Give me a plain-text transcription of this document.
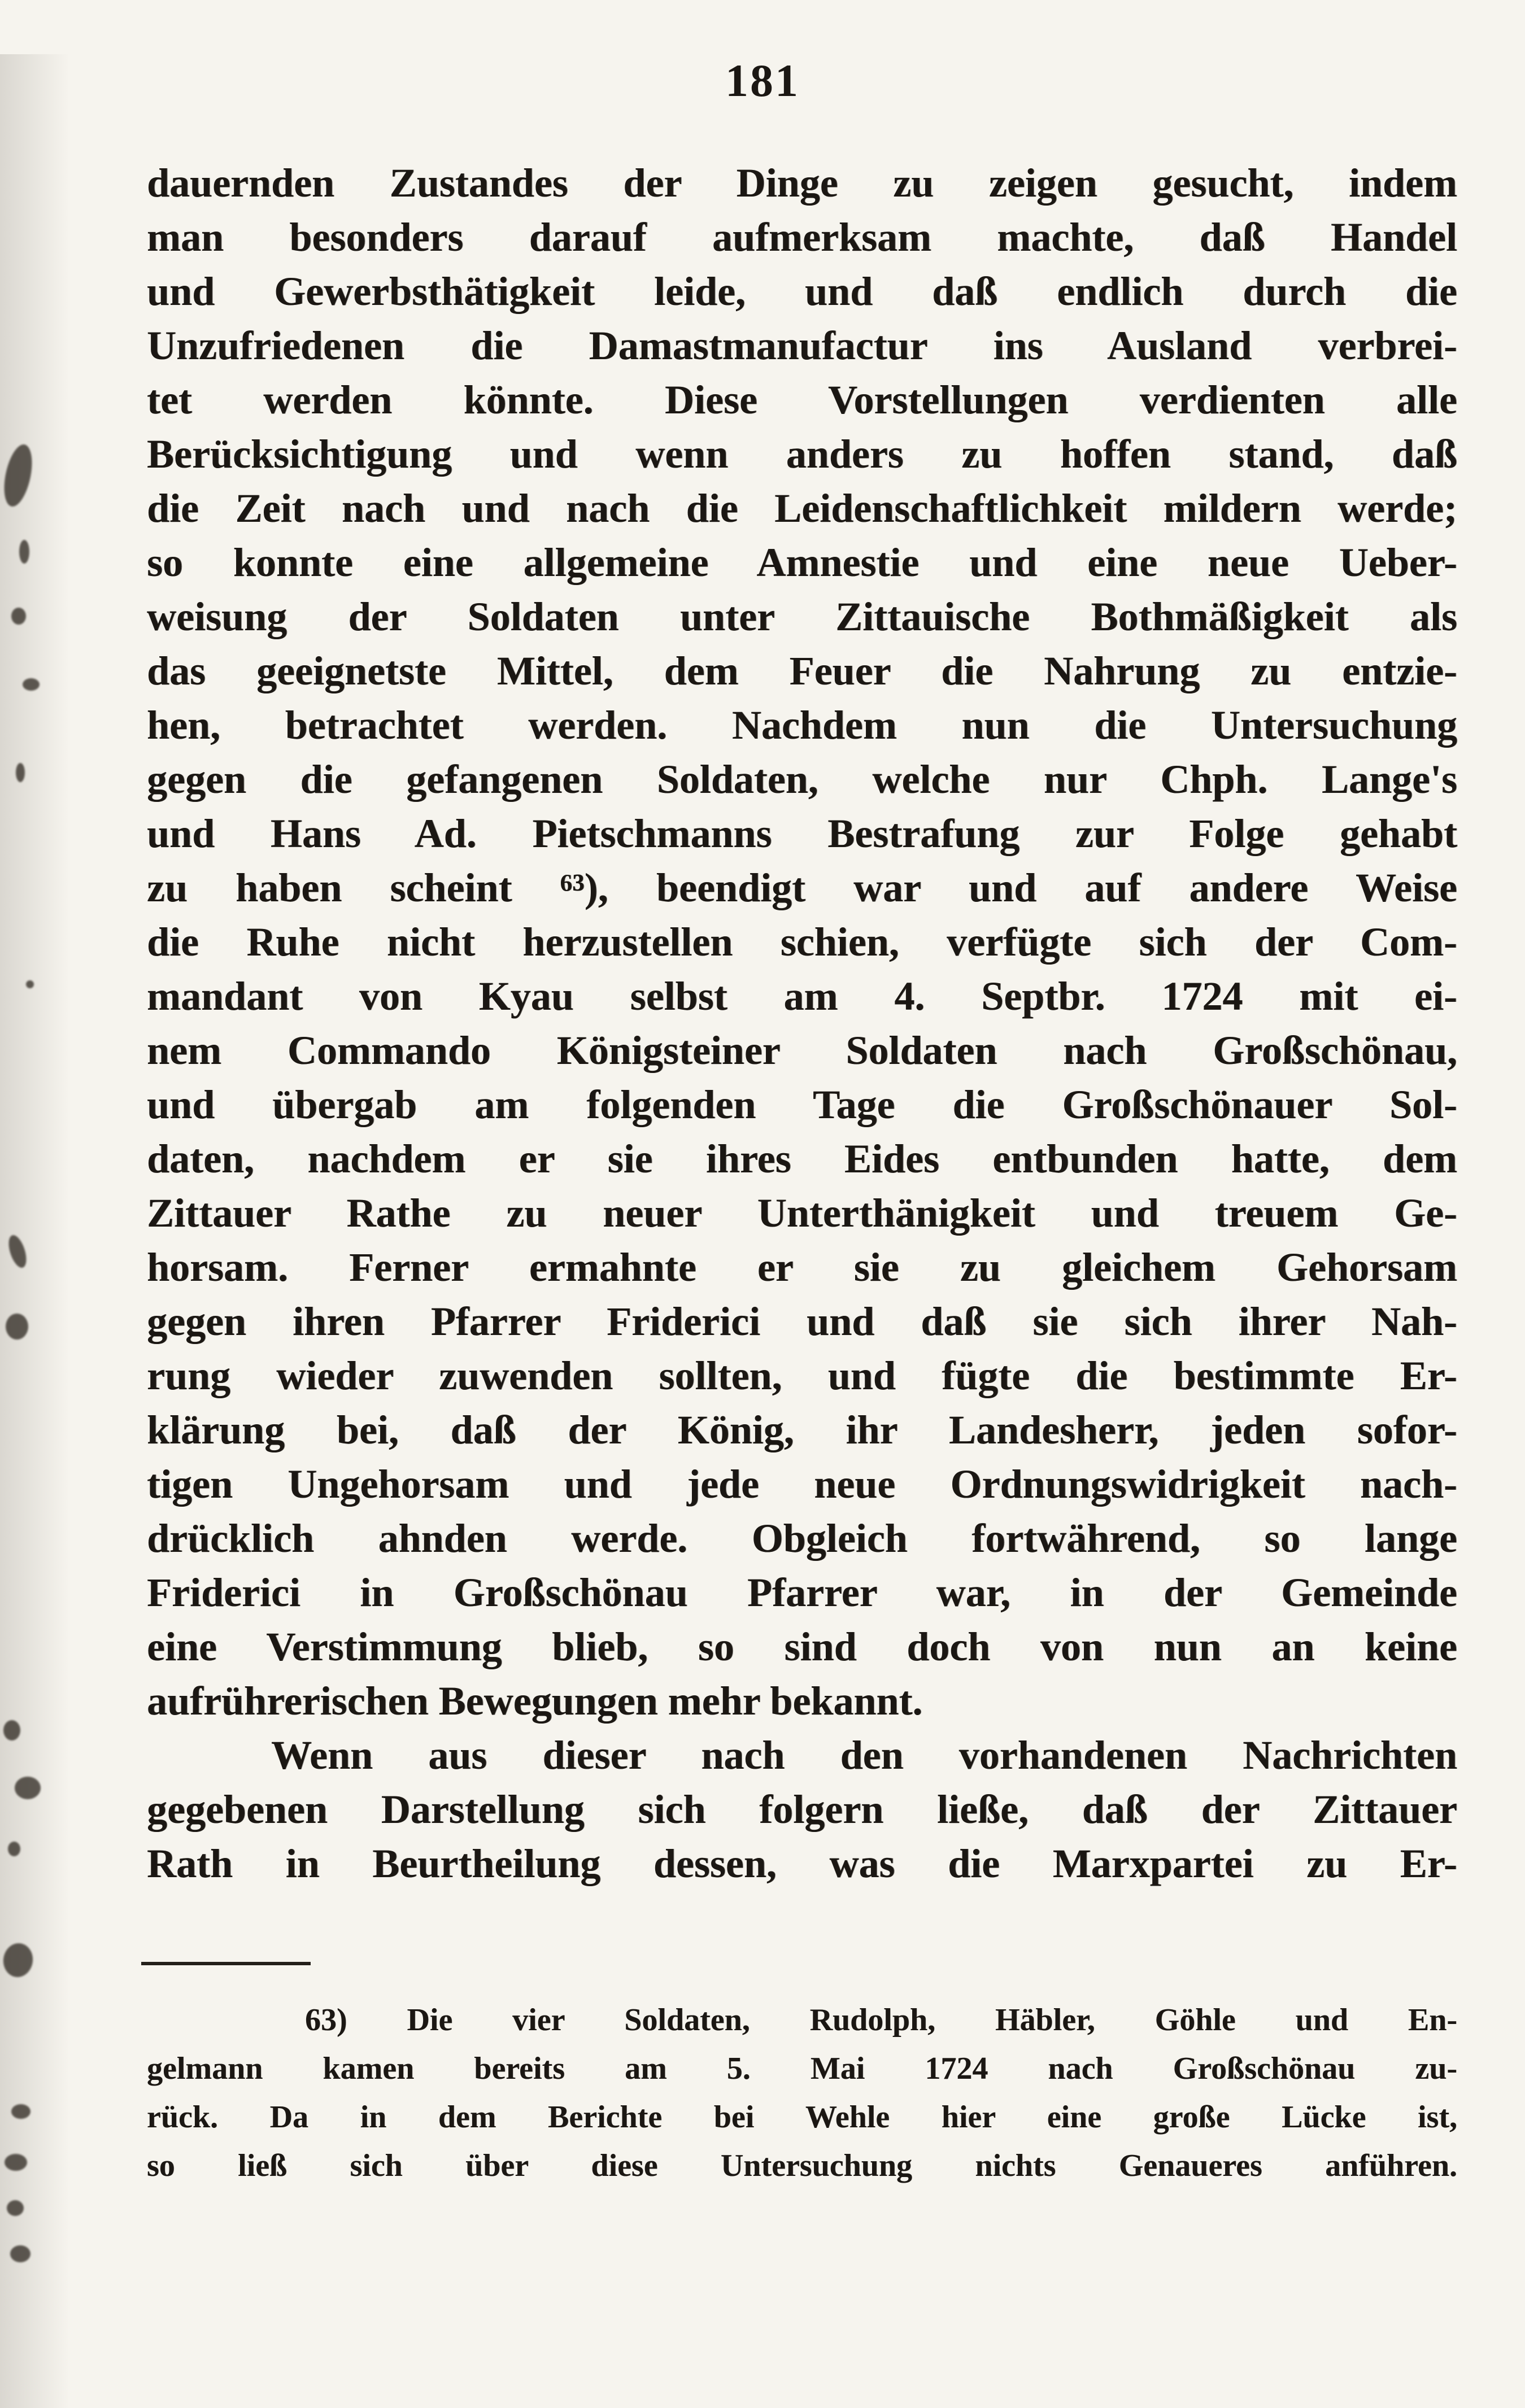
181
dauernden Zustandes der Dinge zu zeigen gesucht, indem
man besonders darauf aufmerksam machte, daß Handel
und Gewerbsthätigkeit leide, und daß endlich durch die
Unzufriedenen die Damastmanufactur ins Ausland verbrei-
tet werden könnte. Diese Vorstellungen verdienten alle
Berücksichtigung und wenn anders zu hoffen stand, daß
die Zeit nach und nach die Leidenschaftlichkeit mildern werde;
so konnte eine allgemeine Amnestie und eine neue Ueber-
weisung der Soldaten unter Zittauische Bothmäßigkeit als
das geeignetste Mittel, dem Feuer die Nahrung zu entzie-
hen, betrachtet werden. Nachdem nun die Untersuchung
gegen die gefangenen Soldaten, welche nur Chph. Lange's
und Hans Ad. Pietschmanns Bestrafung zur Folge gehabt
zu haben scheint ⁶³), beendigt war und auf andere Weise
die Ruhe nicht herzustellen schien, verfügte sich der Com-
mandant von Kyau selbst am 4. Septbr. 1724 mit ei-
nem Commando Königsteiner Soldaten nach Großschönau,
und übergab am folgenden Tage die Großschönauer Sol-
daten, nachdem er sie ihres Eides entbunden hatte, dem
Zittauer Rathe zu neuer Unterthänigkeit und treuem Ge-
horsam. Ferner ermahnte er sie zu gleichem Gehorsam
gegen ihren Pfarrer Friderici und daß sie sich ihrer Nah-
rung wieder zuwenden sollten, und fügte die bestimmte Er-
klärung bei, daß der König, ihr Landesherr, jeden sofor-
tigen Ungehorsam und jede neue Ordnungswidrigkeit nach-
drücklich ahnden werde. Obgleich fortwährend, so lange
Friderici in Großschönau Pfarrer war, in der Gemeinde
eine Verstimmung blieb, so sind doch von nun an keine
aufrührerischen Bewegungen mehr bekannt.
Wenn aus dieser nach den vorhandenen Nachrichten
gegebenen Darstellung sich folgern ließe, daß der Zittauer
Rath in Beurtheilung dessen, was die Marxpartei zu Er-
63) Die vier Soldaten, Rudolph, Häbler, Göhle und En-
gelmann kamen bereits am 5. Mai 1724 nach Großschönau zu-
rück. Da in dem Berichte bei Wehle hier eine große Lücke ist,
so ließ sich über diese Untersuchung nichts Genaueres anführen.
